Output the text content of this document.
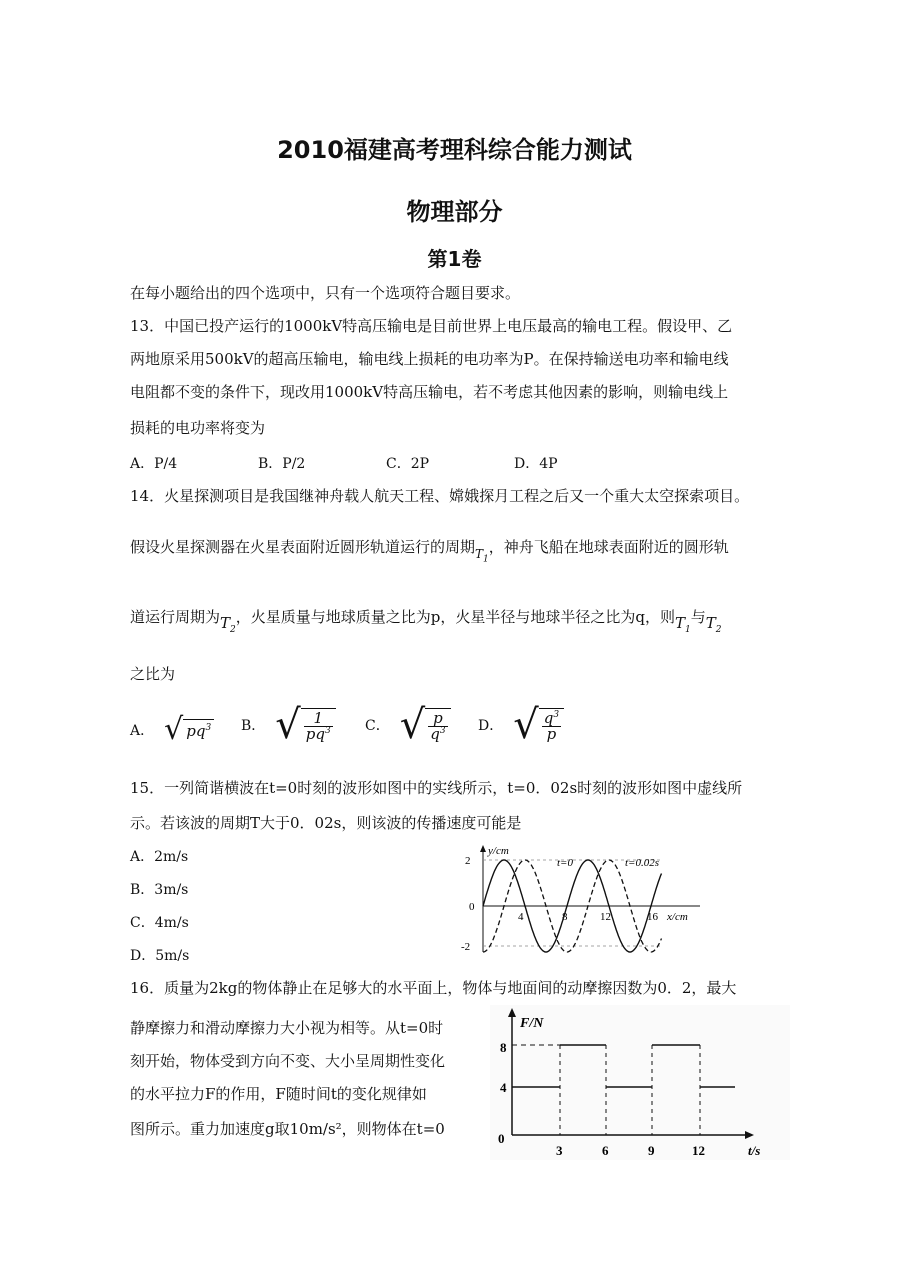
2010福建高考理科综合能力测试
物理部分
第1卷
在每小题给出的四个选项中，只有一个选项符合题目要求。
13．中国已投产运行的1000kV特高压输电是目前世界上电压最高的输电工程。假设甲、乙
两地原采用500kV的超高压输电，输电线上损耗的电功率为P。在保持输送电功率和输电线
电阻都不变的条件下，现改用1000kV特高压输电，若不考虑其他因素的影响，则输电线上
损耗的电功率将变为
A．P/4	B．P/2	C．2P	D．4P
14．火星探测项目是我国继神舟载人航天工程、嫦娥探月工程之后又一个重大太空探索项目。
假设火星探测器在火星表面附近圆形轨道运行的周期$_{T_1}$，神舟飞船在地球表面附近的圆形轨
道运行周期为$T_2$，火星质量与地球质量之比为p，火星半径与地球半径之比为q，则$T_1$与$T_2$
之比为
A． √ $pq^3$ B． √ $\frac{1}{pq^3}$ C． √ $\frac{p}{q^3}$ D． √ $\frac{q^3}{p}$
15．一列简谐横波在t=0时刻的波形如图中的实线所示，t=0．02s时刻的波形如图中虚线所
示。若该波的周期T大于0．02s，则该波的传播速度可能是
A．2m/s
B．3m/s
C．4m/s
D．5m/s
y/cm
2
0
-2
4	8	12	16 x/cm
t=0	t=0.02s
16．质量为2kg的物体静止在足够大的水平面上，物体与地面间的动摩擦因数为0．2，最大
静摩擦力和滑动摩擦力大小视为相等。从t=0时
刻开始，物体受到方向不变、大小呈周期性变化
的水平拉力F的作用，F随时间t的变化规律如
图所示。重力加速度g取10m/s²，则物体在t=0
F/N
8
4
0
3	6	9	12	t/s
